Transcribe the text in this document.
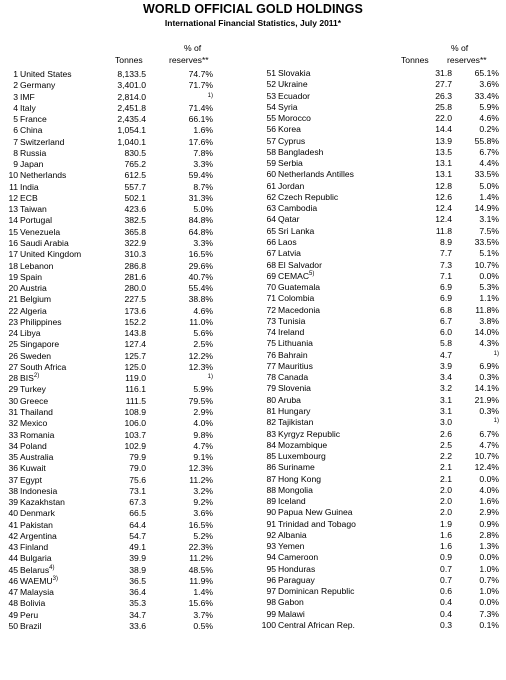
WORLD OFFICIAL GOLD HOLDINGS
International Financial Statistics, July 2011*
Tonnes
% of
reserves**
1 United States	8,133.5	74.7%
2 Germany	3,401.0	71.7%
3 IMF	2,814.0	1)
4 Italy	2,451.8	71.4%
5 France	2,435.4	66.1%
6 China	1,054.1	1.6%
7 Switzerland	1,040.1	17.6%
8 Russia	830.5	7.8%
9 Japan	765.2	3.3%
10 Netherlands	612.5	59.4%
11 India	557.7	8.7%
12 ECB	502.1	31.3%
13 Taiwan	423.6	5.0%
14 Portugal	382.5	84.8%
15 Venezuela	365.8	64.8%
16 Saudi Arabia	322.9	3.3%
17 United Kingdom	310.3	16.5%
18 Lebanon	286.8	29.6%
19 Spain	281.6	40.7%
20 Austria	280.0	55.4%
21 Belgium	227.5	38.8%
22 Algeria	173.6	4.6%
23 Philippines	152.2	11.0%
24 Libya	143.8	5.6%
25 Singapore	127.4	2.5%
26 Sweden	125.7	12.2%
27 South Africa	125.0	12.3%
28 BIS$^{2)}$	119.0	1)
29 Turkey	116.1	5.9%
30 Greece	111.5	79.5%
31 Thailand	108.9	2.9%
32 Mexico	106.0	4.0%
33 Romania	103.7	9.8%
34 Poland	102.9	4.7%
35 Australia	79.9	9.1%
36 Kuwait	79.0	12.3%
37 Egypt	75.6	11.2%
38 Indonesia	73.1	3.2%
39 Kazakhstan	67.3	9.2%
40 Denmark	66.5	3.6%
41 Pakistan	64.4	16.5%
42 Argentina	54.7	5.2%
43 Finland	49.1	22.3%
44 Bulgaria	39.9	11.2%
45 Belarus$^{4)}$	38.9	48.5%
46 WAEMU$^{3)}$	36.5	11.9%
47 Malaysia	36.4	1.4%
48 Bolivia	35.3	15.6%
49 Peru	34.7	3.7%
50 Brazil	33.6	0.5%
Tonnes
% of
reserves**
51 Slovakia	31.8	65.1%
52 Ukraine	27.7	3.6%
53 Ecuador	26.3	33.4%
54 Syria	25.8	5.9%
55 Morocco	22.0	4.6%
56 Korea	14.4	0.2%
57 Cyprus	13.9	55.8%
58 Bangladesh	13.5	6.7%
59 Serbia	13.1	4.4%
60 Netherlands Antilles	13.1	33.5%
61 Jordan	12.8	5.0%
62 Czech Republic	12.6	1.4%
63 Cambodia	12.4	14.9%
64 Qatar	12.4	3.1%
65 Sri Lanka	11.8	7.5%
66 Laos	8.9	33.5%
67 Latvia	7.7	5.1%
68 El Salvador	7.3	10.7%
69 CEMAC$^{5)}$	7.1	0.0%
70 Guatemala	6.9	5.3%
71 Colombia	6.9	1.1%
72 Macedonia	6.8	11.8%
73 Tunisia	6.7	3.8%
74 Ireland	6.0	14.0%
75 Lithuania	5.8	4.3%
76 Bahrain	4.7	1)
77 Mauritius	3.9	6.9%
78 Canada	3.4	0.3%
79 Slovenia	3.2	14.1%
80 Aruba	3.1	21.9%
81 Hungary	3.1	0.3%
82 Tajikistan	3.0	1)
83 Kyrgyz Republic	2.6	6.7%
84 Mozambique	2.5	4.7%
85 Luxembourg	2.2	10.7%
86 Suriname	2.1	12.4%
87 Hong Kong	2.1	0.0%
88 Mongolia	2.0	4.0%
89 Iceland	2.0	1.6%
90 Papua New Guinea	2.0	2.9%
91 Trinidad and Tobago	1.9	0.9%
92 Albania	1.6	2.8%
93 Yemen	1.6	1.3%
94 Cameroon	0.9	0.0%
95 Honduras	0.7	1.0%
96 Paraguay	0.7	0.7%
97 Dominican Republic	0.6	1.0%
98 Gabon	0.4	0.0%
99 Malawi	0.4	7.3%
100 Central African Rep.	0.3	0.1%
